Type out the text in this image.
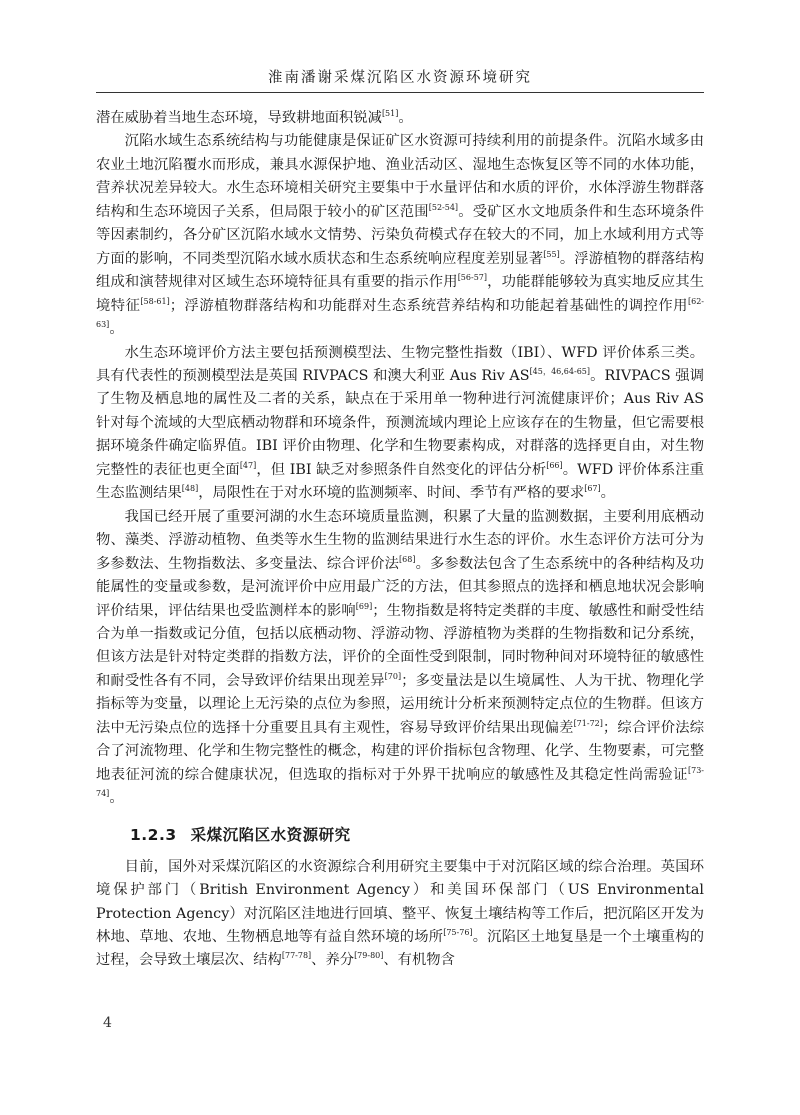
淮南潘谢采煤沉陷区水资源环境研究

潜在威胁着当地生态环境，导致耕地面积锐减[51]。

沉陷水域生态系统结构与功能健康是保证矿区水资源可持续利用的前提条件。沉陷水域多由农业土地沉陷覆水而形成，兼具水源保护地、渔业活动区、湿地生态恢复区等不同的水体功能，营养状况差异较大。水生态环境相关研究主要集中于水量评估和水质的评价，水体浮游生物群落结构和生态环境因子关系，但局限于较小的矿区范围[52-54]。受矿区水文地质条件和生态环境条件等因素制约，各分矿区沉陷水域水文情势、污染负荷模式存在较大的不同，加上水域利用方式等方面的影响，不同类型沉陷水域水质状态和生态系统响应程度差别显著[55]。浮游植物的群落结构组成和演替规律对区域生态环境特征具有重要的指示作用[56-57]，功能群能够较为真实地反应其生境特征[58-61]；浮游植物群落结构和功能群对生态系统营养结构和功能起着基础性的调控作用[62-63]。

水生态环境评价方法主要包括预测模型法、生物完整性指数（IBI）、WFD 评价体系三类。具有代表性的预测模型法是英国 RIVPACS 和澳大利亚 Aus Riv AS[45，46,64-65]。RIVPACS 强调了生物及栖息地的属性及二者的关系，缺点在于采用单一物种进行河流健康评价；Aus Riv AS 针对每个流域的大型底栖动物群和环境条件，预测流域内理论上应该存在的生物量，但它需要根据环境条件确定临界值。IBI 评价由物理、化学和生物要素构成，对群落的选择更自由，对生物完整性的表征也更全面[47]，但 IBI 缺乏对参照条件自然变化的评估分析[66]。WFD 评价体系注重生态监测结果[48]，局限性在于对水环境的监测频率、时间、季节有严格的要求[67]。

我国已经开展了重要河湖的水生态环境质量监测，积累了大量的监测数据，主要利用底栖动物、藻类、浮游动植物、鱼类等水生生物的监测结果进行水生态的评价。水生态评价方法可分为多参数法、生物指数法、多变量法、综合评价法[68]。多参数法包含了生态系统中的各种结构及功能属性的变量或参数，是河流评价中应用最广泛的方法，但其参照点的选择和栖息地状况会影响评价结果，评估结果也受监测样本的影响[69]；生物指数是将特定类群的丰度、敏感性和耐受性结合为单一指数或记分值，包括以底栖动物、浮游动物、浮游植物为类群的生物指数和记分系统，但该方法是针对特定类群的指数方法，评价的全面性受到限制，同时物种间对环境特征的敏感性和耐受性各有不同，会导致评价结果出现差异[70]；多变量法是以生境属性、人为干扰、物理化学指标等为变量，以理论上无污染的点位为参照，运用统计分析来预测特定点位的生物群。但该方法中无污染点位的选择十分重要且具有主观性，容易导致评价结果出现偏差[71-72]；综合评价法综合了河流物理、化学和生物完整性的概念，构建的评价指标包含物理、化学、生物要素，可完整地表征河流的综合健康状况，但选取的指标对于外界干扰响应的敏感性及其稳定性尚需验证[73-74]。

1.2.3 采煤沉陷区水资源研究

目前，国外对采煤沉陷区的水资源综合利用研究主要集中于对沉陷区域的综合治理。英国环境保护部门（British Environment Agency）和美国环保部门（US Environmental Protection Agency）对沉陷区洼地进行回填、整平、恢复土壤结构等工作后，把沉陷区开发为林地、草地、农地、生物栖息地等有益自然环境的场所[75-76]。沉陷区土地复垦是一个土壤重构的过程，会导致土壤层次、结构[77-78]、养分[79-80]、有机物含

4
